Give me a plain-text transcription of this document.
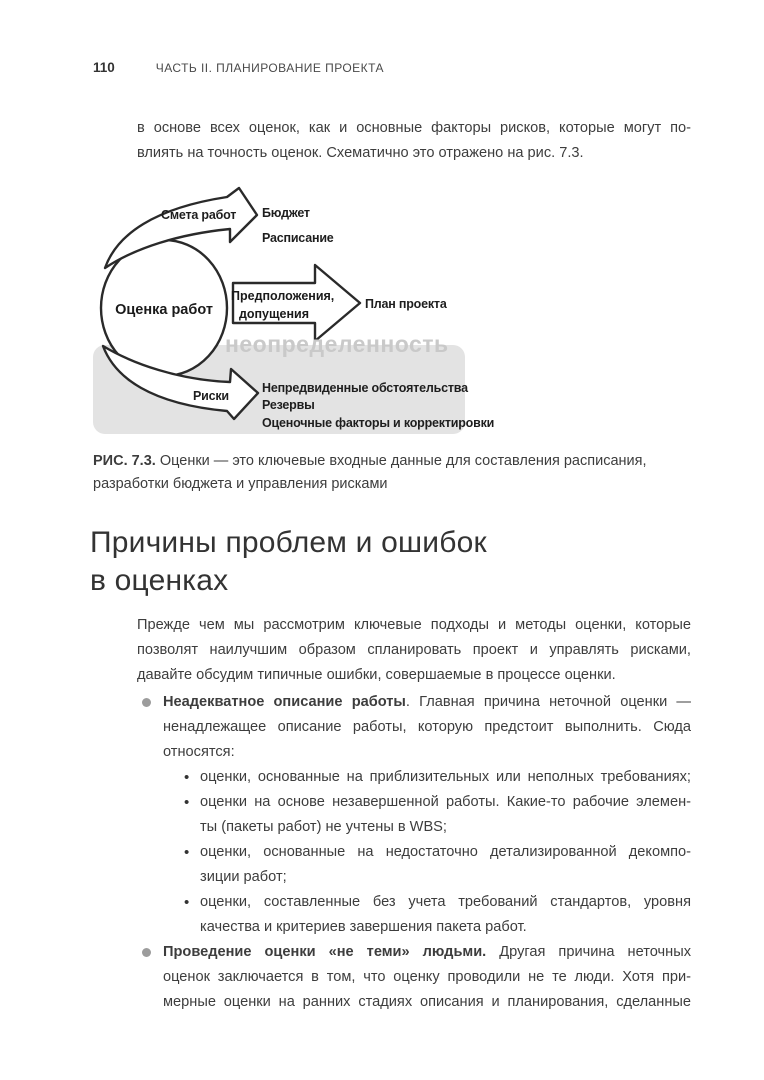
110	ЧАСТЬ II. ПЛАНИРОВАНИЕ ПРОЕКТА
в основе всех оценок, как и основные факторы рисков, которые могут по-
влиять на точность оценок. Схематично это отражено на рис. 7.3.
неопределенность
Оценка работ
Смета работ Бюджет
Расписание
Предположения,
допущения
План проекта
Риски
Непредвиденные обстоятельства
Резервы
Оценочные факторы и корректировки
РИС. 7.3. Оценки — это ключевые входные данные для составления расписания,
разработки бюджета и управления рисками
Причины проблем и ошибок
в оценках
Прежде чем мы рассмотрим ключевые подходы и методы оценки, которые
позволят наилучшим образом спланировать проект и управлять рисками,
давайте обсудим типичные ошибки, совершаемые в процессе оценки.
Неадекватное описание работы. Главная причина неточной оценки —
ненадлежащее описание работы, которую предстоит выполнить. Сюда
относятся:
• оценки, основанные на приблизительных или неполных требованиях;
• оценки на основе незавершенной работы. Какие-то рабочие элемен-
ты (пакеты работ) не учтены в WBS;
• оценки, основанные на недостаточно детализированной декомпо-
зиции работ;
• оценки, составленные без учета требований стандартов, уровня
качества и критериев завершения пакета работ.
Проведение оценки «не теми» людьми. Другая причина неточных
оценок заключается в том, что оценку проводили не те люди. Хотя при-
мерные оценки на ранних стадиях описания и планирования, сделанные
